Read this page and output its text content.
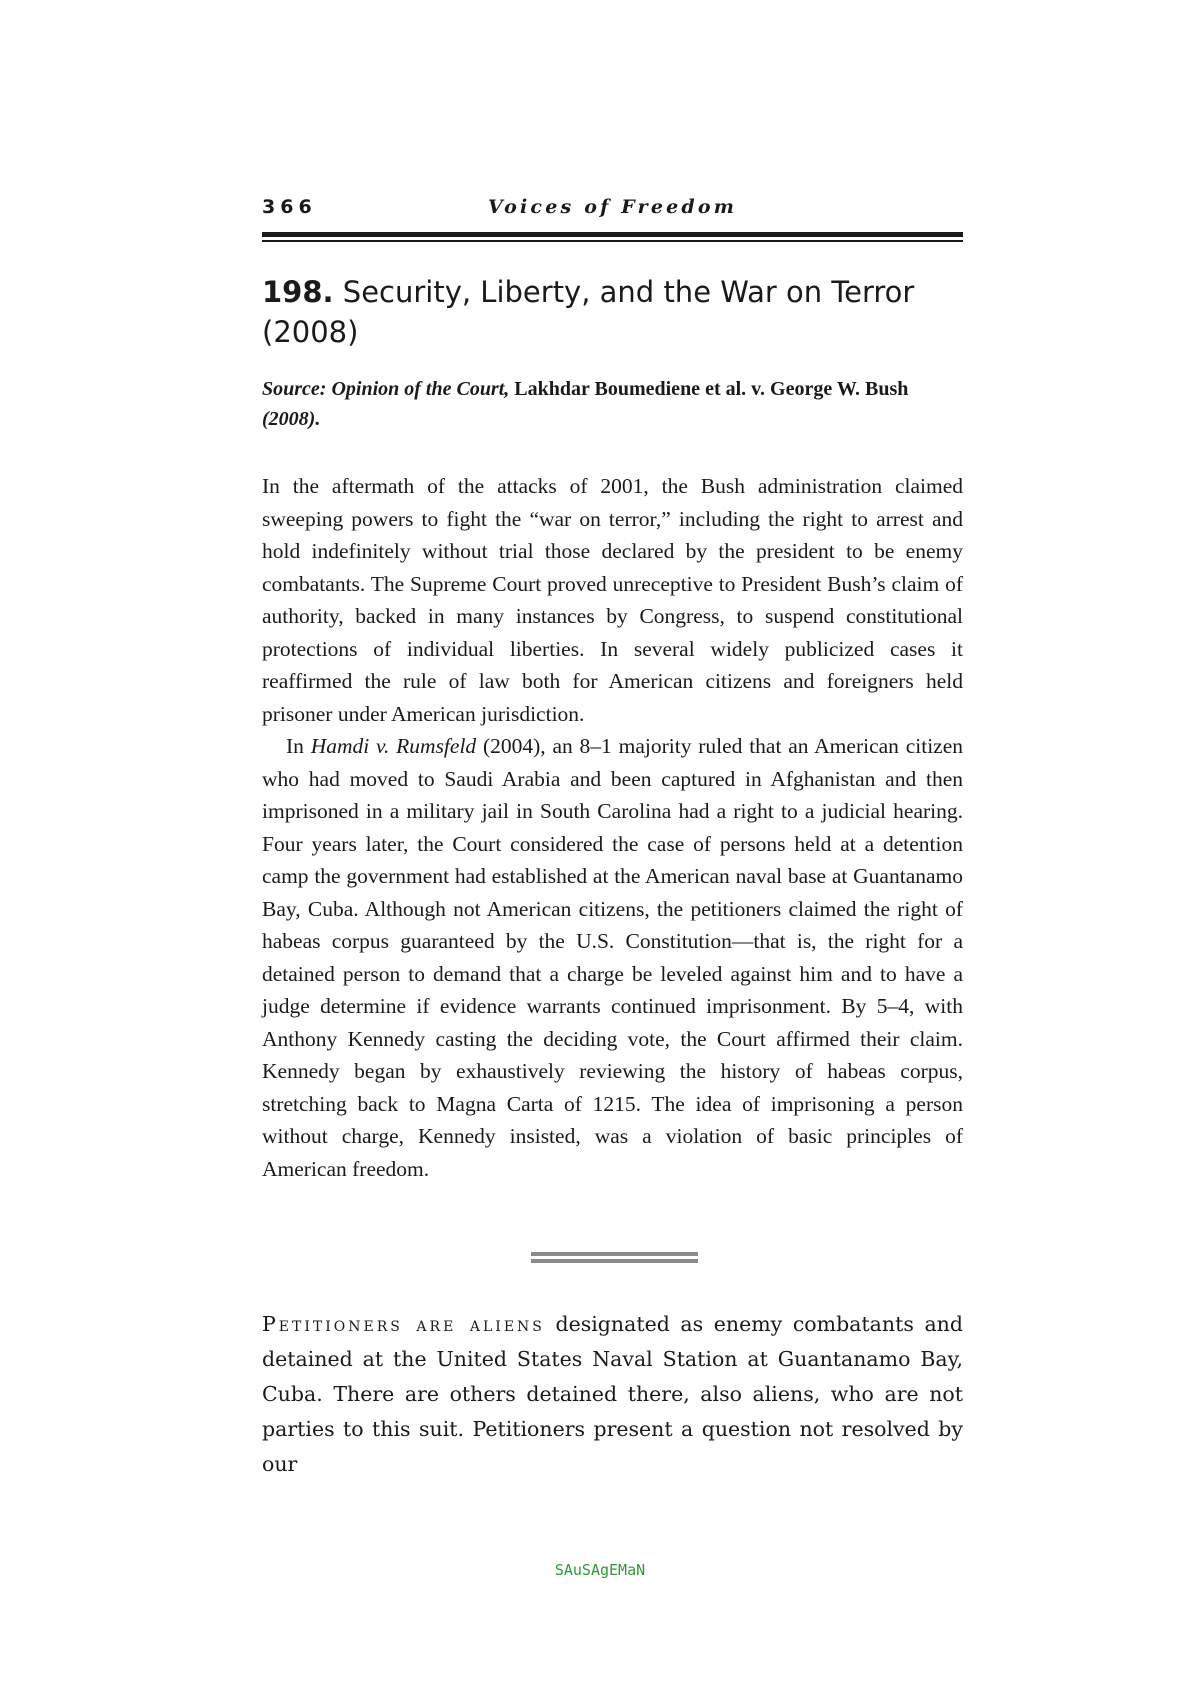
366	Voices of Freedom
198. Security, Liberty, and the War on Terror (2008)
Source: Opinion of the Court, Lakhdar Boumediene et al. v. George W. Bush (2008).

In the aftermath of the attacks of 2001, the Bush administration claimed sweeping powers to fight the “war on terror,” including the right to arrest and hold indefinitely without trial those declared by the president to be enemy combatants. The Supreme Court proved unreceptive to President Bush’s claim of authority, backed in many instances by Congress, to suspend constitutional protections of individual liberties. In several widely publicized cases it reaffirmed the rule of law both for American citizens and foreigners held prisoner under American jurisdiction.

In Hamdi v. Rumsfeld (2004), an 8–1 majority ruled that an American citizen who had moved to Saudi Arabia and been captured in Afghanistan and then imprisoned in a military jail in South Carolina had a right to a judicial hearing. Four years later, the Court considered the case of persons held at a detention camp the government had established at the American naval base at Guantanamo Bay, Cuba. Although not American citizens, the petitioners claimed the right of habeas corpus guaranteed by the U.S. Constitution—that is, the right for a detained person to demand that a charge be leveled against him and to have a judge determine if evidence warrants continued imprisonment. By 5–4, with Anthony Kennedy casting the deciding vote, the Court affirmed their claim. Kennedy began by exhaustively reviewing the history of habeas corpus, stretching back to Magna Carta of 1215. The idea of imprisoning a person without charge, Kennedy insisted, was a violation of basic principles of American freedom.

Petitioners are aliens designated as enemy combatants and detained at the United States Naval Station at Guantanamo Bay, Cuba. There are others detained there, also aliens, who are not parties to this suit. Petitioners present a question not resolved by our

SAuSAgEMaN
